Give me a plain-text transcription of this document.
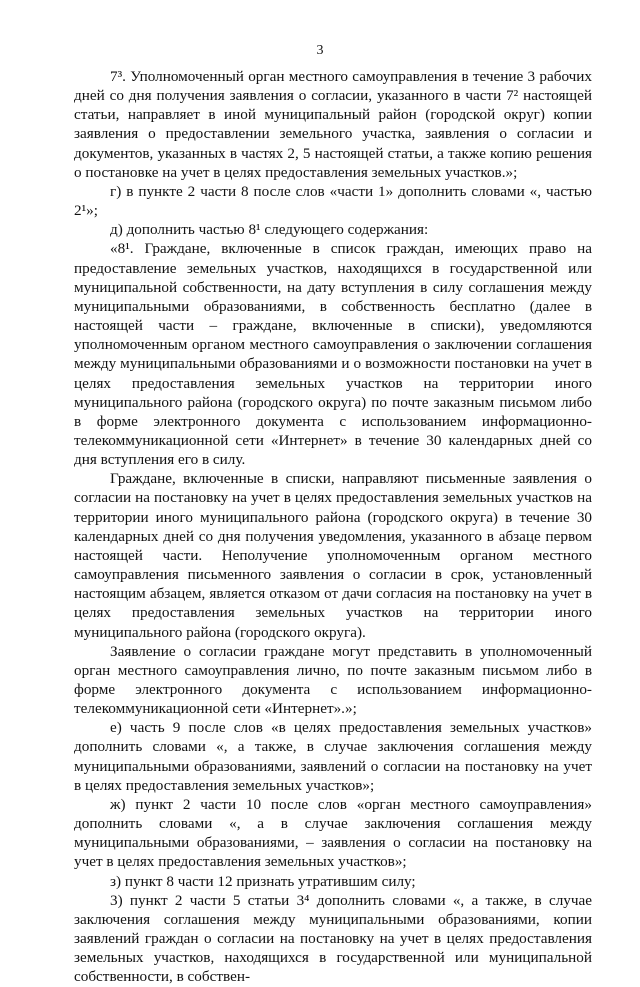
3

7³. Уполномоченный орган местного самоуправления в течение 3 рабочих дней со дня получения заявления о согласии, указанного в части 7² настоящей статьи, направляет в иной муниципальный район (городской округ) копии заявления о предоставлении земельного участка, заявления о согласии и документов, указанных в частях 2, 5 настоящей статьи, а также копию решения о постановке на учет в целях предоставления земельных участков.»;

г) в пункте 2 части 8 после слов «части 1» дополнить словами «, частью 2¹»;

д) дополнить частью 8¹ следующего содержания:

«8¹. Граждане, включенные в список граждан, имеющих право на предоставление земельных участков, находящихся в государственной или муниципальной собственности, на дату вступления в силу соглашения между муниципальными образованиями, в собственность бесплатно (далее в настоящей части – граждане, включенные в списки), уведомляются уполномоченным органом местного самоуправления о заключении соглашения между муниципальными образованиями и о возможности постановки на учет в целях предоставления земельных участков на территории иного муниципального района (городского округа) по почте заказным письмом либо в форме электронного документа с использованием информационно-телекоммуникационной сети «Интернет» в течение 30 календарных дней со дня вступления его в силу.

Граждане, включенные в списки, направляют письменные заявления о согласии на постановку на учет в целях предоставления земельных участков на территории иного муниципального района (городского округа) в течение 30 календарных дней со дня получения уведомления, указанного в абзаце первом настоящей части. Неполучение уполномоченным органом местного самоуправления письменного заявления о согласии в срок, установленный настоящим абзацем, является отказом от дачи согласия на постановку на учет в целях предоставления земельных участков на территории иного муниципального района (городского округа).

Заявление о согласии граждане могут представить в уполномоченный орган местного самоуправления лично, по почте заказным письмом либо в форме электронного документа с использованием информационно-телекоммуникационной сети «Интернет».»;

е) часть 9 после слов «в целях предоставления земельных участков» дополнить словами «, а также, в случае заключения соглашения между муниципальными образованиями, заявлений о согласии на постановку на учет в целях предоставления земельных участков»;

ж) пункт 2 части 10 после слов «орган местного самоуправления» дополнить словами «, а в случае заключения соглашения между муниципальными образованиями, – заявления о согласии на постановку на учет в целях предоставления земельных участков»;

з) пункт 8 части 12 признать утратившим силу;

3) пункт 2 части 5 статьи 3⁴ дополнить словами «, а также, в случае заключения соглашения между муниципальными образованиями, копии заявлений граждан о согласии на постановку на учет в целях предоставления земельных участков, находящихся в государственной или муниципальной собственности, в собствен-
